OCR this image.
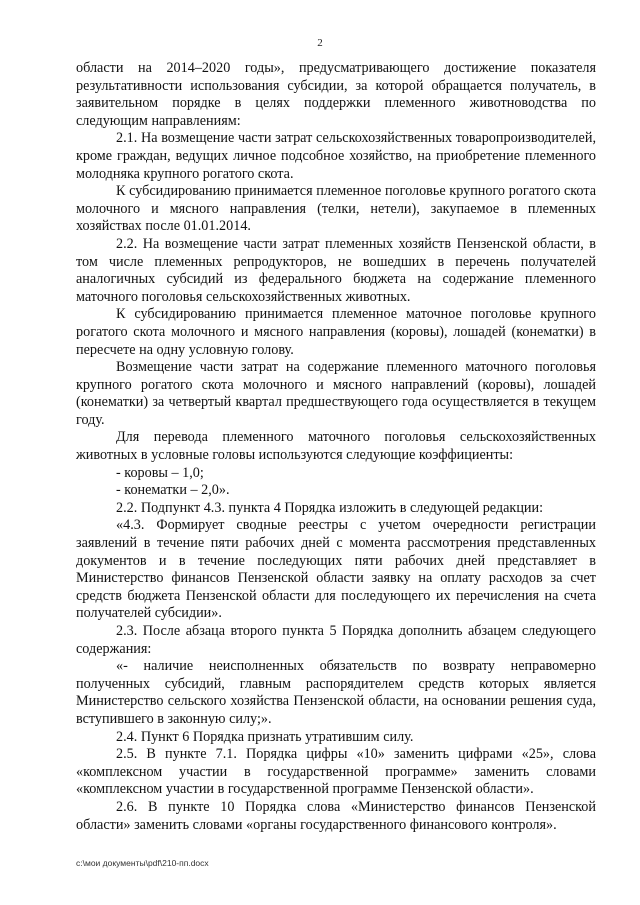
2

области на 2014–2020 годы», предусматривающего достижение показателя результативности использования субсидии, за которой обращается получатель, в заявительном порядке в целях поддержки племенного животноводства по следующим направлениям:

2.1. На возмещение части затрат сельскохозяйственных товаропроизводителей, кроме граждан, ведущих личное подсобное хозяйство, на приобретение племенного молодняка крупного рогатого скота.

К субсидированию принимается племенное поголовье крупного рогатого скота молочного и мясного направления (телки, нетели), закупаемое в племенных хозяйствах после 01.01.2014.

2.2. На возмещение части затрат племенных хозяйств Пензенской области, в том числе племенных репродукторов, не вошедших в перечень получателей аналогичных субсидий из федерального бюджета на содержание племенного маточного поголовья сельскохозяйственных животных.

К субсидированию принимается племенное маточное поголовье крупного рогатого скота молочного и мясного направления (коровы), лошадей (конематки) в пересчете на одну условную голову.

Возмещение части затрат на содержание племенного маточного поголовья крупного рогатого скота молочного и мясного направлений (коровы), лошадей (конематки) за четвертый квартал предшествующего года осуществляется в текущем году.

Для перевода племенного маточного поголовья сельскохозяйственных животных в условные головы используются следующие коэффициенты:

- коровы – 1,0;

- конематки – 2,0».

2.2. Подпункт 4.3. пункта 4 Порядка изложить в следующей редакции:

«4.3. Формирует сводные реестры с учетом очередности регистрации заявлений в течение пяти рабочих дней с момента рассмотрения представленных документов и в течение последующих пяти рабочих дней представляет в Министерство финансов Пензенской области заявку на оплату расходов за счет средств бюджета Пензенской области для последующего их перечисления на счета получателей субсидии».

2.3. После абзаца второго пункта 5 Порядка дополнить абзацем следующего содержания:

«- наличие неисполненных обязательств по возврату неправомерно полученных субсидий, главным распорядителем средств которых является Министерство сельского хозяйства Пензенской области, на основании решения суда, вступившего в законную силу;».

2.4. Пункт 6 Порядка признать утратившим силу.

2.5. В пункте 7.1. Порядка цифры «10» заменить цифрами «25», слова «комплексном участии в государственной программе» заменить словами «комплексном участии в государственной программе Пензенской области».

2.6. В пункте 10 Порядка слова «Министерство финансов Пензенской области» заменить словами «органы государственного финансового контроля».

c:\мои документы\pdf\210-пп.docx
